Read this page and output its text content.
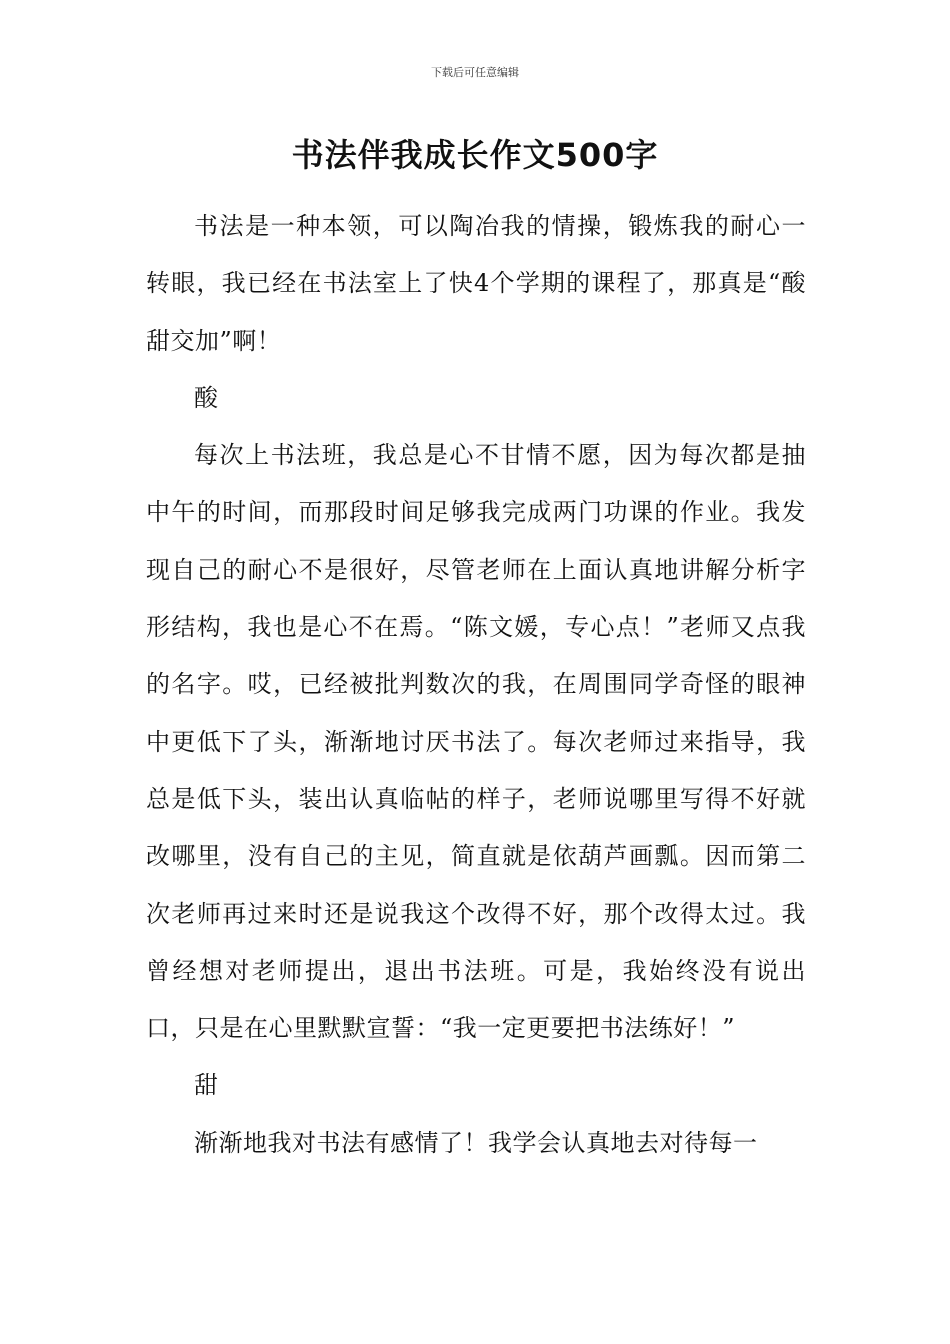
下载后可任意编辑
书法伴我成长作文500字

书法是一种本领，可以陶冶我的情操，锻炼我的耐心一转眼，我已经在书法室上了快4个学期的课程了，那真是“酸甜交加”啊！

酸

每次上书法班，我总是心不甘情不愿，因为每次都是抽中午的时间，而那段时间足够我完成两门功课的作业。我发现自己的耐心不是很好，尽管老师在上面认真地讲解分析字形结构，我也是心不在焉。“陈文媛，专心点！”老师又点我的名字。哎，已经被批判数次的我，在周围同学奇怪的眼神中更低下了头，渐渐地讨厌书法了。每次老师过来指导，我总是低下头，装出认真临帖的样子，老师说哪里写得不好就改哪里，没有自己的主见，简直就是依葫芦画瓢。因而第二次老师再过来时还是说我这个改得不好，那个改得太过。我曾经想对老师提出，退出书法班。可是，我始终没有说出口，只是在心里默默宣誓：“我一定更要把书法练好！”

甜

渐渐地我对书法有感情了！我学会认真地去对待每一
